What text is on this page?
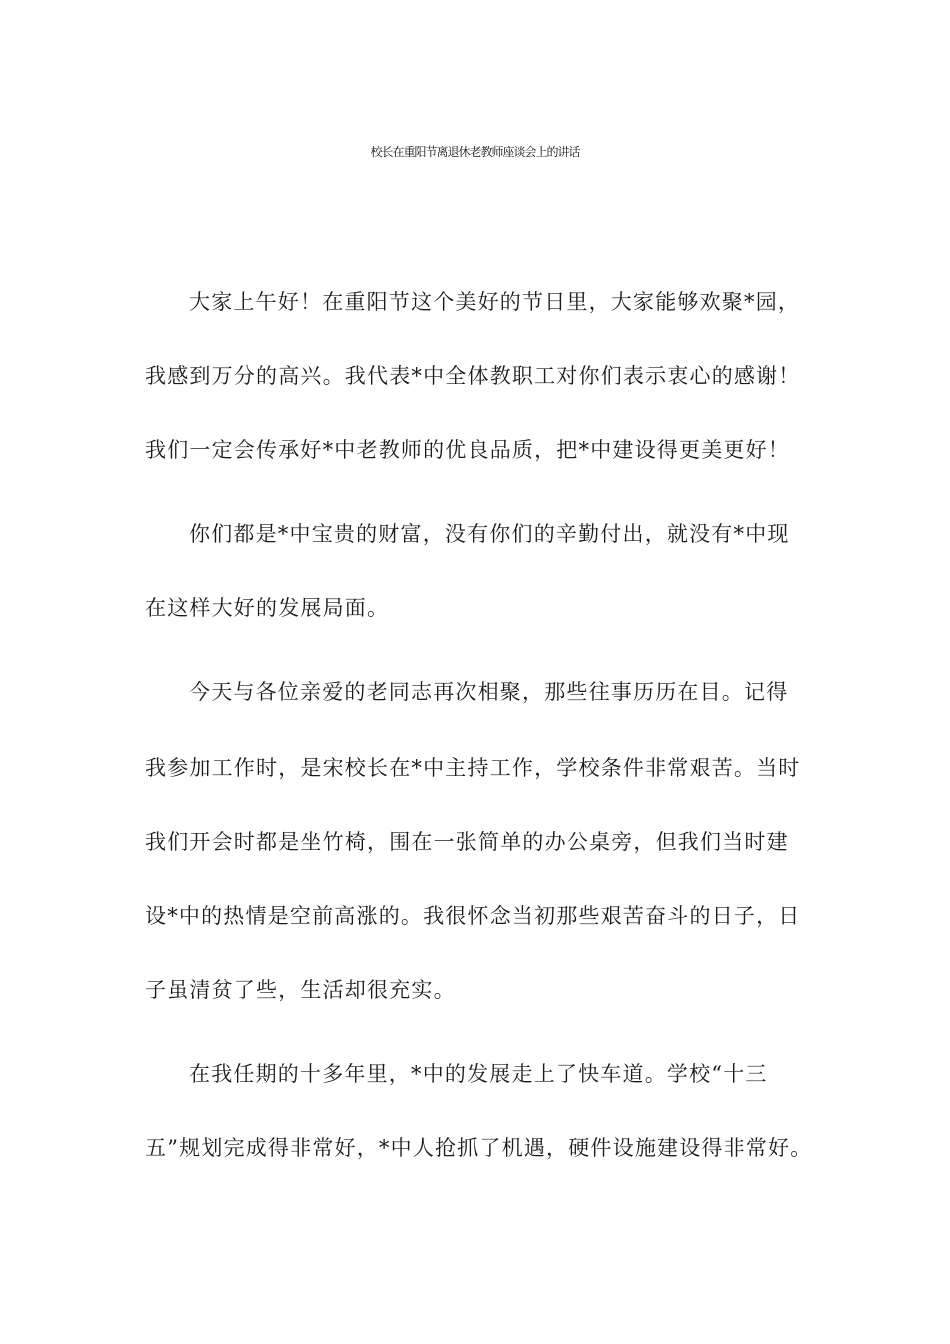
校长在重阳节离退休老教师座谈会上的讲话
大家上午好！在重阳节这个美好的节日里，大家能够欢聚*园，
我感到万分的高兴。我代表*中全体教职工对你们表示衷心的感谢！
我们一定会传承好*中老教师的优良品质，把*中建设得更美更好！
你们都是*中宝贵的财富，没有你们的辛勤付出，就没有*中现
在这样大好的发展局面。
今天与各位亲爱的老同志再次相聚，那些往事历历在目。记得
我参加工作时，是宋校长在*中主持工作，学校条件非常艰苦。当时
我们开会时都是坐竹椅，围在一张简单的办公桌旁，但我们当时建
设*中的热情是空前高涨的。我很怀念当初那些艰苦奋斗的日子，日
子虽清贫了些，生活却很充实。
在我任期的十多年里，*中的发展走上了快车道。学校“十三
五”规划完成得非常好，*中人抢抓了机遇，硬件设施建设得非常好。
